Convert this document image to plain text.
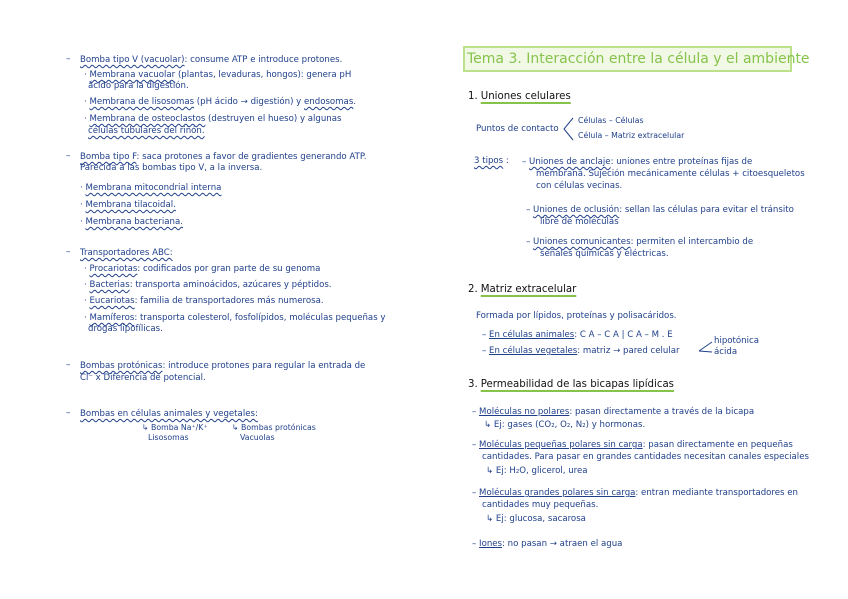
– Bomba tipo V (vacuolar): consume ATP e introduce protones.
· Membrana vacuolar (plantas, levaduras, hongos): genera pH
ácido para la digestión.
· Membrana de lisosomas (pH ácido → digestión) y endosomas.
· Membrana de osteoclastos (destruyen el hueso) y algunas
células tubulares del riñón.
– Bomba tipo F: saca protones a favor de gradientes generando ATP.
Parecida a las bombas tipo V, a la inversa.
· Membrana mitocondrial interna
· Membrana tilacoidal.
· Membrana bacteriana.
– Transportadores ABC:
· Procariotas: codificados por gran parte de su genoma
· Bacterias: transporta aminoácidos, azúcares y péptidos.
· Eucariotas: familia de transportadores más numerosa.
· Mamíferos: transporta colesterol, fosfolípidos, moléculas pequeñas y
drogas lipofílicas.
– Bombas protónicas: introduce protones para regular la entrada de
Cl⁻ x Diferencia de potencial.
– Bombas en células animales y vegetales:
↳ Bomba Na⁺/K⁺
Lisosomas
↳ Bombas protónicas
Vacuolas
Tema 3. Interacción entre la célula y el ambiente
1. Uniones celulares
Puntos de contacto
Células – Células
Célula – Matriz extracelular
3 tipos : – Uniones de anclaje: uniones entre proteínas fijas de
membrana. Sujeción mecánicamente células + citoesqueletos
con células vecinas.
– Uniones de oclusión: sellan las células para evitar el tránsito
libre de moléculas
– Uniones comunicantes: permiten el intercambio de
señales químicas y eléctricas.
2. Matriz extracelular
Formada por lípidos, proteínas y polisacáridos.
– En células animales: C A – C A | C A – M . E
– En células vegetales: matriz → pared celular
hipotónica
ácida
3. Permeabilidad de las bicapas lipídicas
– Moléculas no polares: pasan directamente a través de la bicapa
↳ Ej: gases (CO₂, O₂, N₂) y hormonas.
– Moléculas pequeñas polares sin carga: pasan directamente en pequeñas
cantidades. Para pasar en grandes cantidades necesitan canales especiales
↳ Ej: H₂O, glicerol, urea
– Moléculas grandes polares sin carga: entran mediante transportadores en
cantidades muy pequeñas.
↳ Ej: glucosa, sacarosa
– Iones: no pasan → atraen el agua
